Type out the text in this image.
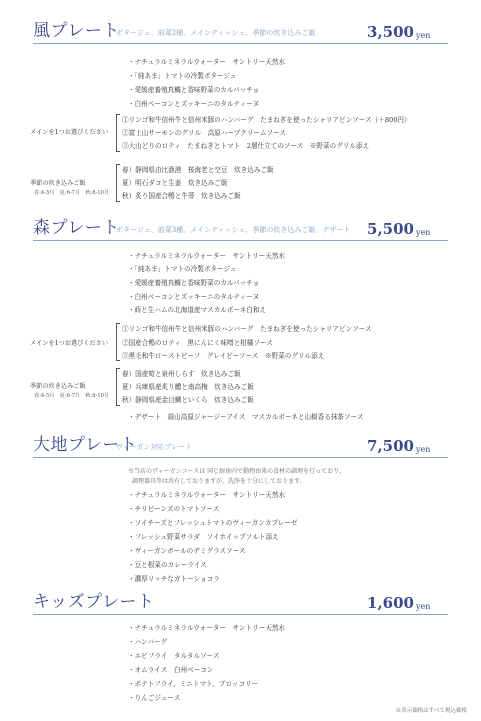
風プレート
ポタージュ、前菜2種、メインディッシュ、季節の炊き込みご飯	3,500 yen
・ナチュラルミネラルウォーター　サントリー天然水
・「純あま」トマトの冷製ポタージュ
・愛媛産養殖真鯛と香味野菜のカルパッチョ
・白州ベーコンとズッキーニのタルティーヌ
メインを1つお選びください
①リンゴ和牛信州牛と信州米豚のハンバーグ　たまねぎを使ったシャリアピンソース（＋800円）
②富士山サーモンのグリル　高原ハーブクリームソース
③大山どりのロティ　たまねぎとトマト　2層仕立てのソース　※野菜のグリル添え
季節の炊き込みご飯
春:4-5月　夏:6-7月　秋:8-10月
春）静岡県由比漁港　桜海老と空豆　炊き込みご飯
夏）明石ダコと生姜　炊き込みご飯
秋）炙り国産合鴨と牛蒡　炊き込みご飯
森プレート
ポタージュ、前菜3種、メインディッシュ、季節の炊き込みご飯、デザート 5,500 yen
・ナチュラルミネラルウォーター　サントリー天然水
・「純あま」トマトの冷製ポタージュ
・愛媛産養殖真鯛と香味野菜のカルパッチョ
・白州ベーコンとズッキーニのタルティーヌ
・蒔と生ハムの北海道産マスカルポーネ白和え
メインを1つお選びください
①リンゴ和牛信州牛と信州米豚のハンバーグ　たまねぎを使ったシャリアピンソース
②国産合鴨のロティ　黒にんにく味噌と柑橘ソース
③黒毛和牛ローストビーフ　グレイビーソース　※野菜のグリル添え
季節の炊き込みご飯
春:4-5月　夏:6-7月　秋:8-10月
春）国産筍と泉州しらす　炊き込みご飯
夏）兵庫県産炙り鱧と南高梅　炊き込みご飯
秋）静岡県産金目鯛といくら　炊き込みご飯
・デザート　蒜山高原ジャージーアイス　マスカルポーネと山椒香る抹茶ソース
大地プレート
ヴィーガン対応プレート	7,500 yen
※当店のヴィーガンコースは 同じ厨房内で動物由来の食材の調理を行っており、
調理器具等は共有しておりますが、洗浄を十分にしております。
・ナチュラルミネラルウォーター　サントリー天然水
・チリビーンズのトマトソース
・ソイチーズとフレッシュトマトのヴィーガンカプレーゼ
・フレッシュ野菜サラダ　ソイホイップソルト添え
・ヴィーガンボールのデミグラスソース
・豆と根菜のカレーライス
・濃厚リッチなガトーショコラ
キッズプレート	1,600 yen
・ナチュラルミネラルウォーター　サントリー天然水
・ハンバーグ
・エビフライ　タルタルソース
・オムライス　白州ベーコン
・ポテトフライ、ミニトマト、ブロッコリー
・りんごジュース
※表示価格はすべて税込価格
